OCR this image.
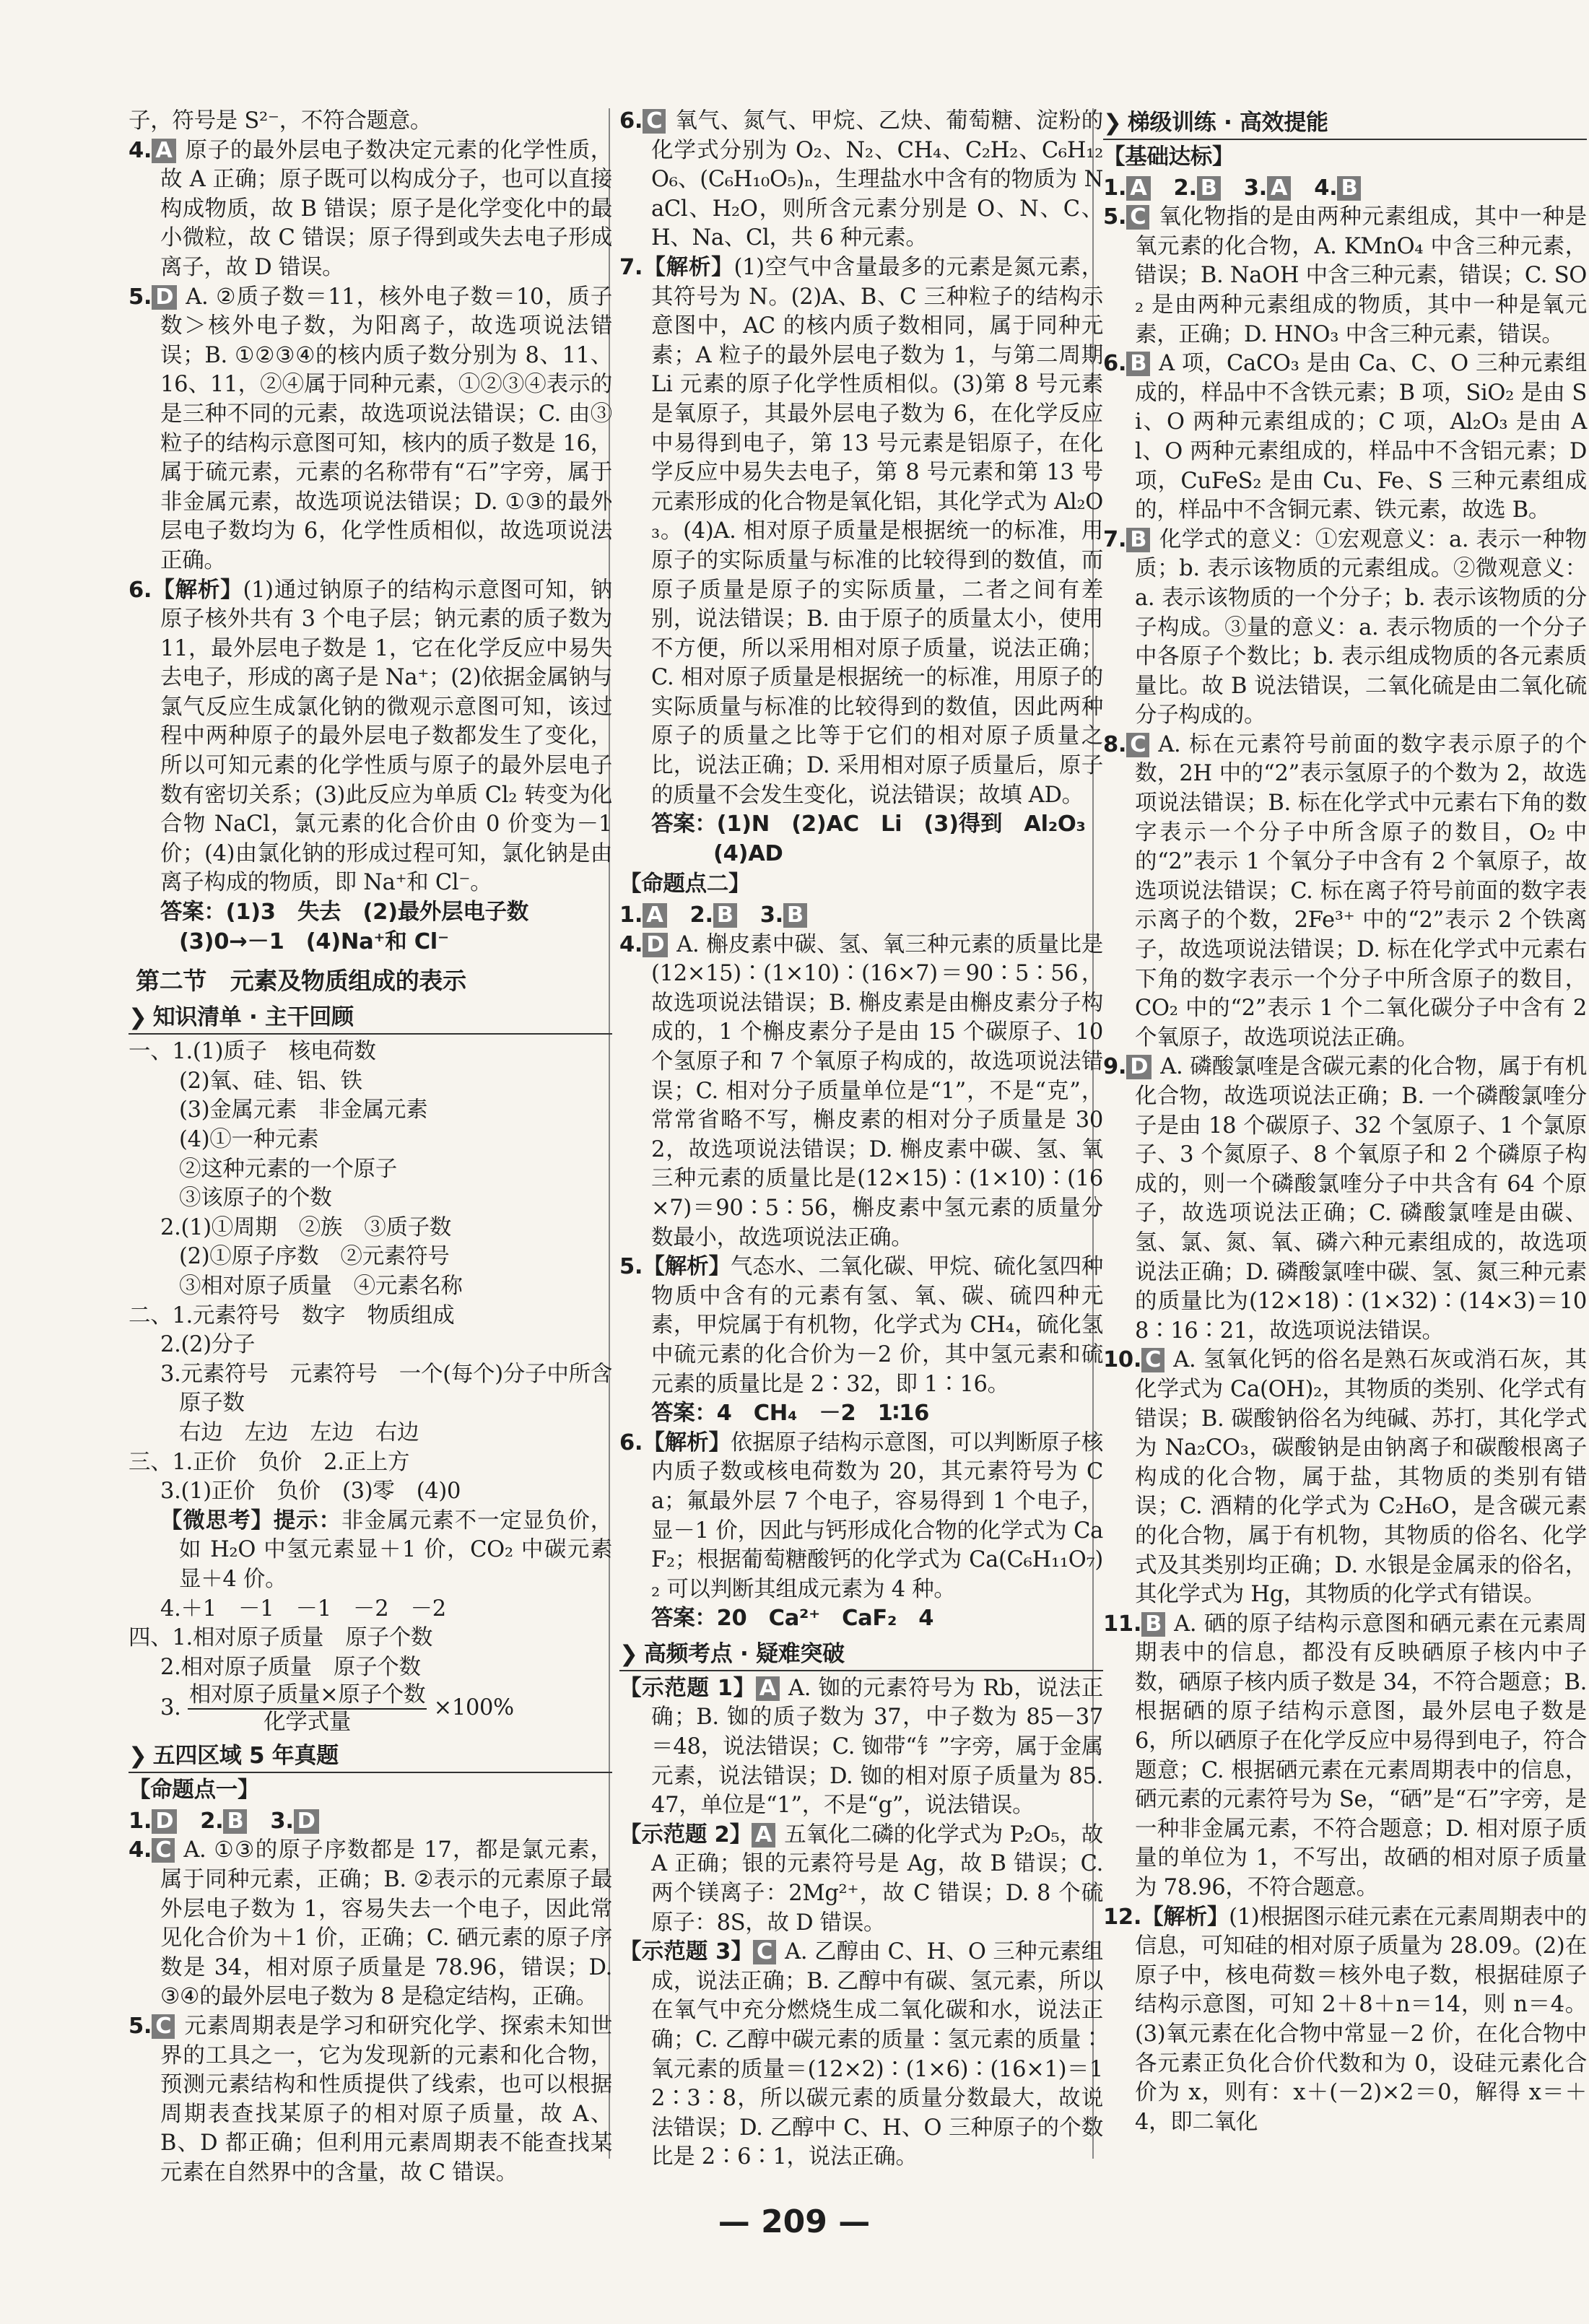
子，符号是 S²⁻，不符合题意。

4. A 原子的最外层电子数决定元素的化学性质，故 A 正确；原子既可以构成分子，也可以直接构成物质，故 B 错误；原子是化学变化中的最小微粒，故 C 错误；原子得到或失去电子形成离子，故 D 错误。

5. D A. ②质子数＝11，核外电子数＝10，质子数＞核外电子数，为阳离子，故选项说法错误；B. ①②③④的核内质子数分别为 8、11、16、11，②④属于同种元素，①②③④表示的是三种不同的元素，故选项说法错误；C. 由③粒子的结构示意图可知，核内的质子数是 16，属于硫元素，元素的名称带有“石”字旁，属于非金属元素，故选项说法错误；D. ①③的最外层电子数均为 6，化学性质相似，故选项说法正确。

6.【解析】(1)通过钠原子的结构示意图可知，钠原子核外共有 3 个电子层；钠元素的质子数为 11，最外层电子数是 1，它在化学反应中易失去电子，形成的离子是 Na⁺；(2)依据金属钠与氯气反应生成氯化钠的微观示意图可知，该过程中两种原子的最外层电子数都发生了变化，所以可知元素的化学性质与原子的最外层电子数有密切关系；(3)此反应为单质 Cl₂ 转变为化合物 NaCl，氯元素的化合价由 0 价变为－1 价；(4)由氯化钠的形成过程可知，氯化钠是由离子构成的物质，即 Na⁺和 Cl⁻。

答案：(1)3　失去　(2)最外层电子数

(3)0→－1　(4)Na⁺和 Cl⁻

第二节　元素及物质组成的表示
❯ 知识清单 · 主干回顾

一、1.(1)质子　核电荷数

(2)氧、硅、铝、铁

(3)金属元素　非金属元素

(4)①一种元素

②这种元素的一个原子

③该原子的个数

2.(1)①周期　②族　③质子数

(2)①原子序数　②元素符号

③相对原子质量　④元素名称

二、1.元素符号　数字　物质组成

2.(2)分子

3.元素符号　元素符号　一个(每个)分子中所含原子数

右边　左边　左边　右边

三、1.正价　负价　2.正上方

3.(1)正价　负价　(3)零　(4)0

【微思考】提示：非金属元素不一定显负价，如 H₂O 中氢元素显＋1 价，CO₂ 中碳元素显＋4 价。

4.＋1　－1　－1　－2　－2

四、1.相对原子质量　原子个数

2.相对原子质量　原子个数

3. $\frac{\text{相对原子质量×原子个数}}{\text{化学式量}} \times 100\%$

❯ 五四区域 5 年真题

【命题点一】

1. D 2. B 3. D

4. C A. ①③的原子序数都是 17，都是氯元素，属于同种元素，正确；B. ②表示的元素原子最外层电子数为 1，容易失去一个电子，因此常见化合价为＋1 价，正确；C. 硒元素的原子序数是 34，相对原子质量是 78.96，错误；D. ③④的最外层电子数为 8 是稳定结构，正确。

5. C 元素周期表是学习和研究化学、探索未知世界的工具之一，它为发现新的元素和化合物，预测元素结构和性质提供了线索，也可以根据周期表查找某原子的相对原子质量，故 A、B、D 都正确；但利用元素周期表不能查找某元素在自然界中的含量，故 C 错误。

6. C 氧气、氮气、甲烷、乙炔、葡萄糖、淀粉的化学式分别为 O₂、N₂、CH₄、C₂H₂、C₆H₁₂O₆、(C₆H₁₀O₅)ₙ，生理盐水中含有的物质为 NaCl、H₂O，则所含元素分别是 O、N、C、H、Na、Cl，共 6 种元素。

7.【解析】(1)空气中含量最多的元素是氮元素，其符号为 N。(2)A、B、C 三种粒子的结构示意图中，AC 的核内质子数相同，属于同种元素；A 粒子的最外层电子数为 1，与第二周期 Li 元素的原子化学性质相似。(3)第 8 号元素是氧原子，其最外层电子数为 6，在化学反应中易得到电子，第 13 号元素是铝原子，在化学反应中易失去电子，第 8 号元素和第 13 号元素形成的化合物是氧化铝，其化学式为 Al₂O₃。(4)A. 相对原子质量是根据统一的标准，用原子的实际质量与标准的比较得到的数值，而原子质量是原子的实际质量，二者之间有差别，说法错误；B. 由于原子的质量太小，使用不方便，所以采用相对原子质量，说法正确；C. 相对原子质量是根据统一的标准，用原子的实际质量与标准的比较得到的数值，因此两种原子的质量之比等于它们的相对原子质量之比，说法正确；D. 采用相对原子质量后，原子的质量不会发生变化，说法错误；故填 AD。

答案：(1)N　(2)AC　Li　(3)得到　Al₂O₃

(4)AD

【命题点二】

1. A 2. B 3. B

4. D A. 槲皮素中碳、氢、氧三种元素的质量比是(12×15)∶(1×10)∶(16×7)＝90∶5∶56，故选项说法错误；B. 槲皮素是由槲皮素分子构成的，1 个槲皮素分子是由 15 个碳原子、10 个氢原子和 7 个氧原子构成的，故选项说法错误；C. 相对分子质量单位是“1”，不是“克”，常常省略不写，槲皮素的相对分子质量是 302，故选项说法错误；D. 槲皮素中碳、氢、氧三种元素的质量比是(12×15)∶(1×10)∶(16×7)＝90∶5∶56，槲皮素中氢元素的质量分数最小，故选项说法正确。

5.【解析】气态水、二氧化碳、甲烷、硫化氢四种物质中含有的元素有氢、氧、碳、硫四种元素，甲烷属于有机物，化学式为 CH₄，硫化氢中硫元素的化合价为－2 价，其中氢元素和硫元素的质量比是 2∶32，即 1∶16。

答案：4　CH₄　－2　1∶16

6.【解析】依据原子结构示意图，可以判断原子核内质子数或核电荷数为 20，其元素符号为 Ca；氟最外层 7 个电子，容易得到 1 个电子，显－1 价，因此与钙形成化合物的化学式为 CaF₂；根据葡萄糖酸钙的化学式为 Ca(C₆H₁₁O₇)₂ 可以判断其组成元素为 4 种。

答案：20　Ca²⁺　CaF₂　4

❯ 高频考点 · 疑难突破

【示范题 1】 A A. 铷的元素符号为 Rb，说法正确；B. 铷的质子数为 37，中子数为 85－37＝48，说法错误；C. 铷带“钅”字旁，属于金属元素，说法错误；D. 铷的相对原子质量为 85.47，单位是“1”，不是“g”，说法错误。

【示范题 2】 A 五氧化二磷的化学式为 P₂O₅，故 A 正确；银的元素符号是 Ag，故 B 错误；C. 两个镁离子：2Mg²⁺，故 C 错误；D. 8 个硫原子：8S，故 D 错误。

【示范题 3】 C A. 乙醇由 C、H、O 三种元素组成，说法正确；B. 乙醇中有碳、氢元素，所以在氧气中充分燃烧生成二氧化碳和水，说法正确；C. 乙醇中碳元素的质量∶氢元素的质量∶氧元素的质量＝(12×2)∶(1×6)∶(16×1)＝12∶3∶8，所以碳元素的质量分数最大，故说法错误；D. 乙醇中 C、H、O 三种原子的个数比是 2∶6∶1，说法正确。

❯ 梯级训练 · 高效提能

【基础达标】

1. A 2. B 3. A 4. B

5. C 氧化物指的是由两种元素组成，其中一种是氧元素的化合物，A. KMnO₄ 中含三种元素，错误；B. NaOH 中含三种元素，错误；C. SO₂ 是由两种元素组成的物质，其中一种是氧元素，正确；D. HNO₃ 中含三种元素，错误。

6. B A 项，CaCO₃ 是由 Ca、C、O 三种元素组成的，样品中不含铁元素；B 项，SiO₂ 是由 Si、O 两种元素组成的；C 项，Al₂O₃ 是由 Al、O 两种元素组成的，样品中不含铝元素；D 项，CuFeS₂ 是由 Cu、Fe、S 三种元素组成的，样品中不含铜元素、铁元素，故选 B。

7. B 化学式的意义：①宏观意义：a. 表示一种物质；b. 表示该物质的元素组成。②微观意义：a. 表示该物质的一个分子；b. 表示该物质的分子构成。③量的意义：a. 表示物质的一个分子中各原子个数比；b. 表示组成物质的各元素质量比。故 B 说法错误，二氧化硫是由二氧化硫分子构成的。

8. C A. 标在元素符号前面的数字表示原子的个数，2H 中的“2”表示氢原子的个数为 2，故选项说法错误；B. 标在化学式中元素右下角的数字表示一个分子中所含原子的数目，O₂ 中的“2”表示 1 个氧分子中含有 2 个氧原子，故选项说法错误；C. 标在离子符号前面的数字表示离子的个数，2Fe³⁺ 中的“2”表示 2 个铁离子，故选项说法错误；D. 标在化学式中元素右下角的数字表示一个分子中所含原子的数目，CO₂ 中的“2”表示 1 个二氧化碳分子中含有 2 个氧原子，故选项说法正确。

9. D A. 磷酸氯喹是含碳元素的化合物，属于有机化合物，故选项说法正确；B. 一个磷酸氯喹分子是由 18 个碳原子、32 个氢原子、1 个氯原子、3 个氮原子、8 个氧原子和 2 个磷原子构成的，则一个磷酸氯喹分子中共含有 64 个原子，故选项说法正确；C. 磷酸氯喹是由碳、氢、氯、氮、氧、磷六种元素组成的，故选项说法正确；D. 磷酸氯喹中碳、氢、氮三种元素的质量比为(12×18)∶(1×32)∶(14×3)＝108∶16∶21，故选项说法错误。

10. C A. 氢氧化钙的俗名是熟石灰或消石灰，其化学式为 Ca(OH)₂，其物质的类别、化学式有错误；B. 碳酸钠俗名为纯碱、苏打，其化学式为 Na₂CO₃，碳酸钠是由钠离子和碳酸根离子构成的化合物，属于盐，其物质的类别有错误；C. 酒精的化学式为 C₂H₆O，是含碳元素的化合物，属于有机物，其物质的俗名、化学式及其类别均正确；D. 水银是金属汞的俗名，其化学式为 Hg，其物质的化学式有错误。

11. B A. 硒的原子结构示意图和硒元素在元素周期表中的信息，都没有反映硒原子核内中子数，硒原子核内质子数是 34，不符合题意；B. 根据硒的原子结构示意图，最外层电子数是 6，所以硒原子在化学反应中易得到电子，符合题意；C. 根据硒元素在元素周期表中的信息，硒元素的元素符号为 Se，“硒”是“石”字旁，是一种非金属元素，不符合题意；D. 相对原子质量的单位为 1，不写出，故硒的相对原子质量为 78.96，不符合题意。

12.【解析】(1)根据图示硅元素在元素周期表中的信息，可知硅的相对原子质量为 28.09。(2)在原子中，核电荷数＝核外电子数，根据硅原子结构示意图，可知 2＋8＋n＝14，则 n＝4。(3)氧元素在化合物中常显－2 价，在化合物中各元素正负化合价代数和为 0，设硅元素化合价为 x，则有：x＋(－2)×2＝0，解得 x＝＋4，即二氧化

— 209 —
